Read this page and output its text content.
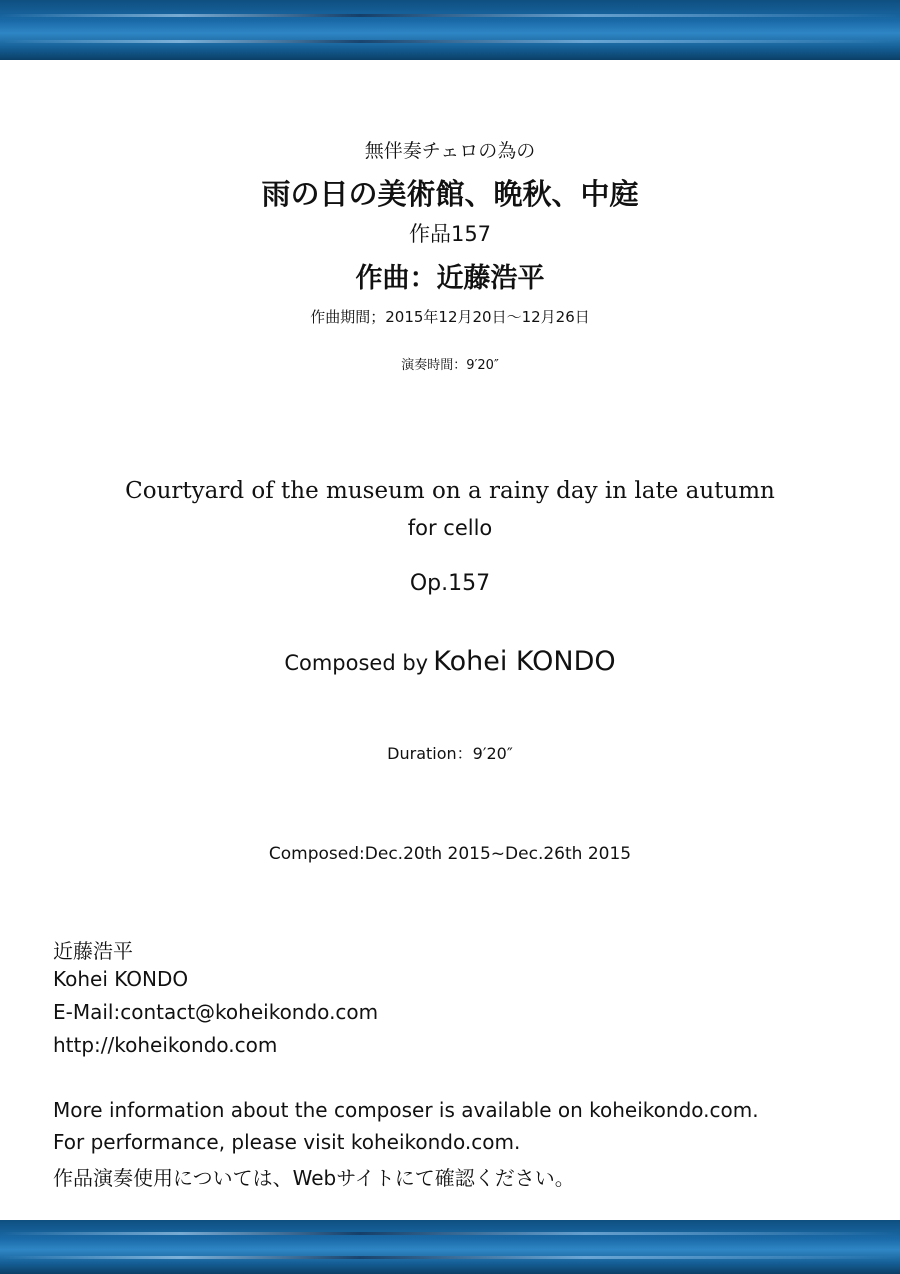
無伴奏チェロの為の
雨の日の美術館、晩秋、中庭
作品157
作曲：近藤浩平
作曲期間；2015年12月20日～12月26日
演奏時間：9′20″
Courtyard of the museum on a rainy day in late autumn
for cello
Op.157
Composed by Kohei KONDO
Duration：9′20″
Composed:Dec.20th 2015~Dec.26th 2015
近藤浩平
Kohei KONDO
E-Mail:contact@koheikondo.com
http://koheikondo.com
More information about the composer is available on koheikondo.com.
For performance, please visit koheikondo.com.
作品演奏使用については、Webサイトにて確認ください。
